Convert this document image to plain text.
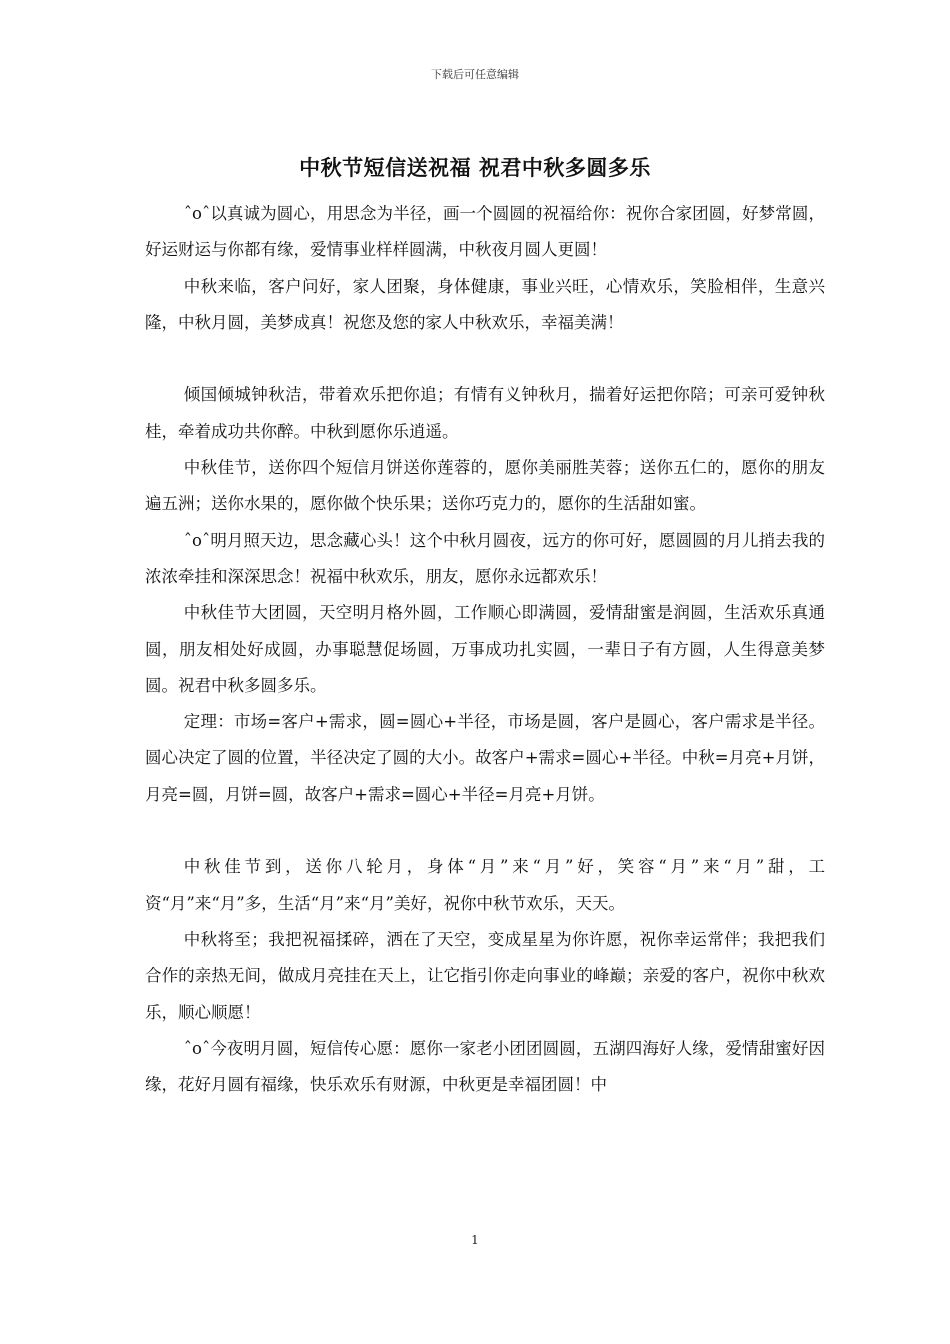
下载后可任意编辑
中秋节短信送祝福 祝君中秋多圆多乐

ˆoˆ以真诚为圆心，用思念为半径，画一个圆圆的祝福给你：祝你合家团圆，好梦常圆，好运财运与你都有缘，爱情事业样样圆满，中秋夜月圆人更圆！

中秋来临，客户问好，家人团聚，身体健康，事业兴旺，心情欢乐，笑脸相伴，生意兴隆，中秋月圆，美梦成真！祝您及您的家人中秋欢乐，幸福美满！

倾国倾城钟秋洁，带着欢乐把你追；有情有义钟秋月，揣着好运把你陪；可亲可爱钟秋桂，牵着成功共你醉。中秋到愿你乐逍遥。

中秋佳节，送你四个短信月饼送你莲蓉的，愿你美丽胜芙蓉；送你五仁的，愿你的朋友遍五洲；送你水果的，愿你做个快乐果；送你巧克力的，愿你的生活甜如蜜。

ˆoˆ明月照天边，思念藏心头！这个中秋月圆夜，远方的你可好，愿圆圆的月儿捎去我的浓浓牵挂和深深思念！祝福中秋欢乐，朋友，愿你永远都欢乐！

中秋佳节大团圆，天空明月格外圆，工作顺心即满圆，爱情甜蜜是润圆，生活欢乐真通圆，朋友相处好成圆，办事聪慧促场圆，万事成功扎实圆，一辈日子有方圆，人生得意美梦圆。祝君中秋多圆多乐。

定理：市场=客户+需求，圆=圆心+半径，市场是圆，客户是圆心，客户需求是半径。圆心决定了圆的位置，半径决定了圆的大小。故客户+需求=圆心+半径。中秋=月亮+月饼，月亮=圆，月饼=圆，故客户+需求=圆心+半径=月亮+月饼。

中秋佳节到，送你八轮月，身体“月”来“月”好，笑容“月”来“月”甜，工资“月”来“月”多，生活“月”来“月”美好，祝你中秋节欢乐，天天。

中秋将至；我把祝福揉碎，洒在了天空，变成星星为你许愿，祝你幸运常伴；我把我们合作的亲热无间，做成月亮挂在天上，让它指引你走向事业的峰巅；亲爱的客户，祝你中秋欢乐，顺心顺愿！

ˆoˆ今夜明月圆，短信传心愿：愿你一家老小团团圆圆，五湖四海好人缘，爱情甜蜜好因缘，花好月圆有福缘，快乐欢乐有财源，中秋更是幸福团圆！中

1
